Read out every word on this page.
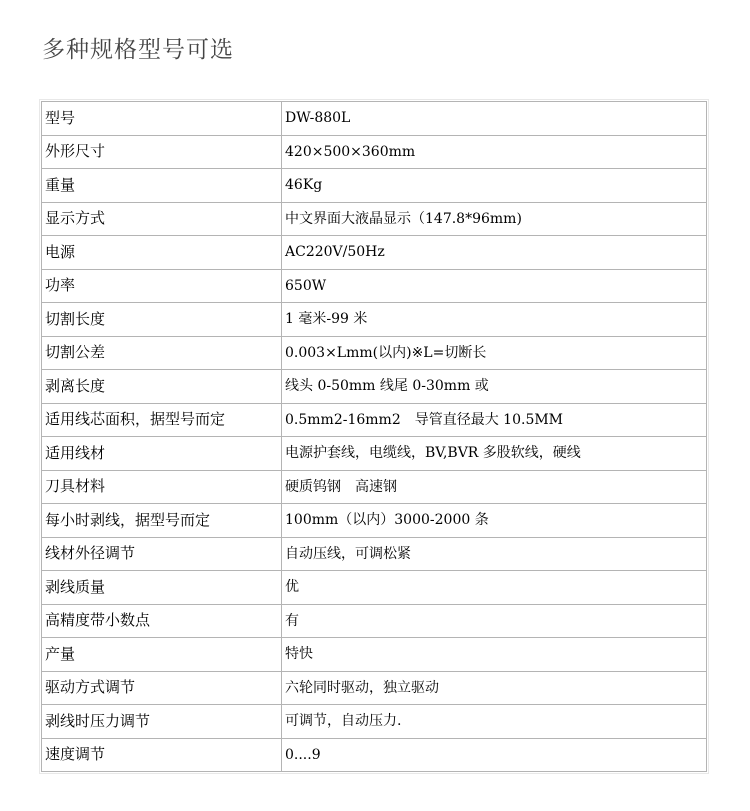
多种规格型号可选
型号	DW-880L
外形尺寸	420×500×360mm
重量	46Kg
显示方式	中文界面大液晶显示（147.8*96mm)
电源	AC220V/50Hz
功率	650W
切割长度	1 毫米-99 米
切割公差	0.003×Lmm(以内)※L=切断长
剥离长度	线头 0-50mm 线尾 0-30mm 或
适用线芯面积，据型号而定	0.5mm2-16mm2　导管直径最大 10.5MM
适用线材	电源护套线，电缆线，BV,BVR 多股软线，硬线
刀具材料	硬质钨钢　高速钢
每小时剥线，据型号而定	100mm（以内）3000-2000 条
线材外径调节	自动压线，可调松紧
剥线质量	优
高精度带小数点	有
产量	特快
驱动方式调节	六轮同时驱动，独立驱动
剥线时压力调节	可调节，自动压力.
速度调节	0....9
